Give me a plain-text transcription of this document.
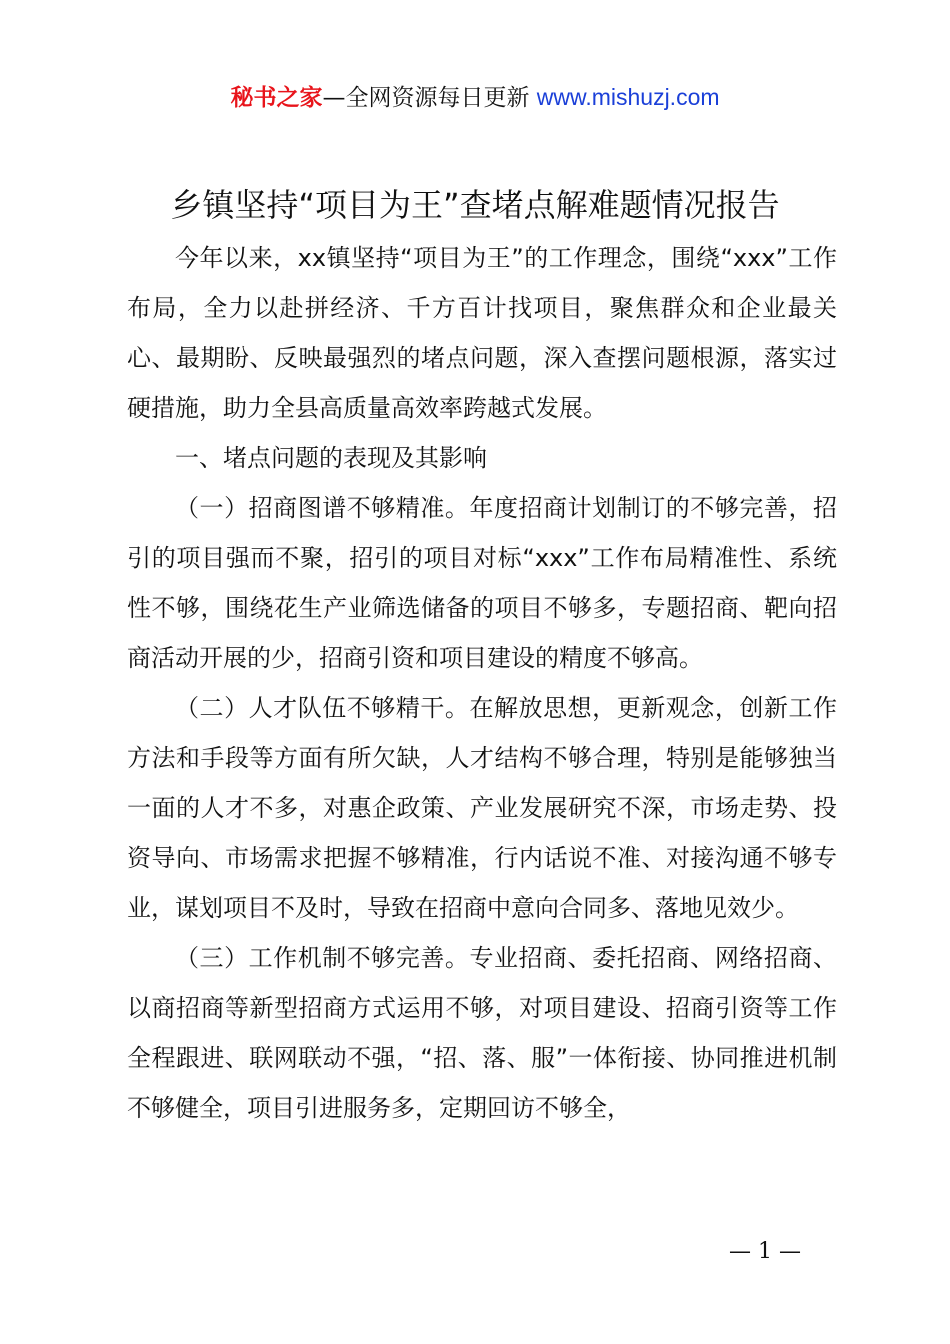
秘书之家—全网资源每日更新 www.mishuzj.com
乡镇坚持“项目为王”查堵点解难题情况报告

今年以来，xx镇坚持“项目为王”的工作理念，围绕“xxx”工作布局，全力以赴拼经济、千方百计找项目，聚焦群众和企业最关心、最期盼、反映最强烈的堵点问题，深入查摆问题根源，落实过硬措施，助力全县高质量高效率跨越式发展。

一、堵点问题的表现及其影响

（一）招商图谱不够精准。年度招商计划制订的不够完善，招引的项目强而不聚，招引的项目对标“xxx”工作布局精准性、系统性不够，围绕花生产业筛选储备的项目不够多，专题招商、靶向招商活动开展的少，招商引资和项目建设的精度不够高。

（二）人才队伍不够精干。在解放思想，更新观念，创新工作方法和手段等方面有所欠缺，人才结构不够合理，特别是能够独当一面的人才不多，对惠企政策、产业发展研究不深，市场走势、投资导向、市场需求把握不够精准，行内话说不准、对接沟通不够专业，谋划项目不及时，导致在招商中意向合同多、落地见效少。

（三）工作机制不够完善。专业招商、委托招商、网络招商、以商招商等新型招商方式运用不够，对项目建设、招商引资等工作全程跟进、联网联动不强，“招、落、服”一体衔接、协同推进机制不够健全，项目引进服务多，定期回访不够全，

— 1 —
